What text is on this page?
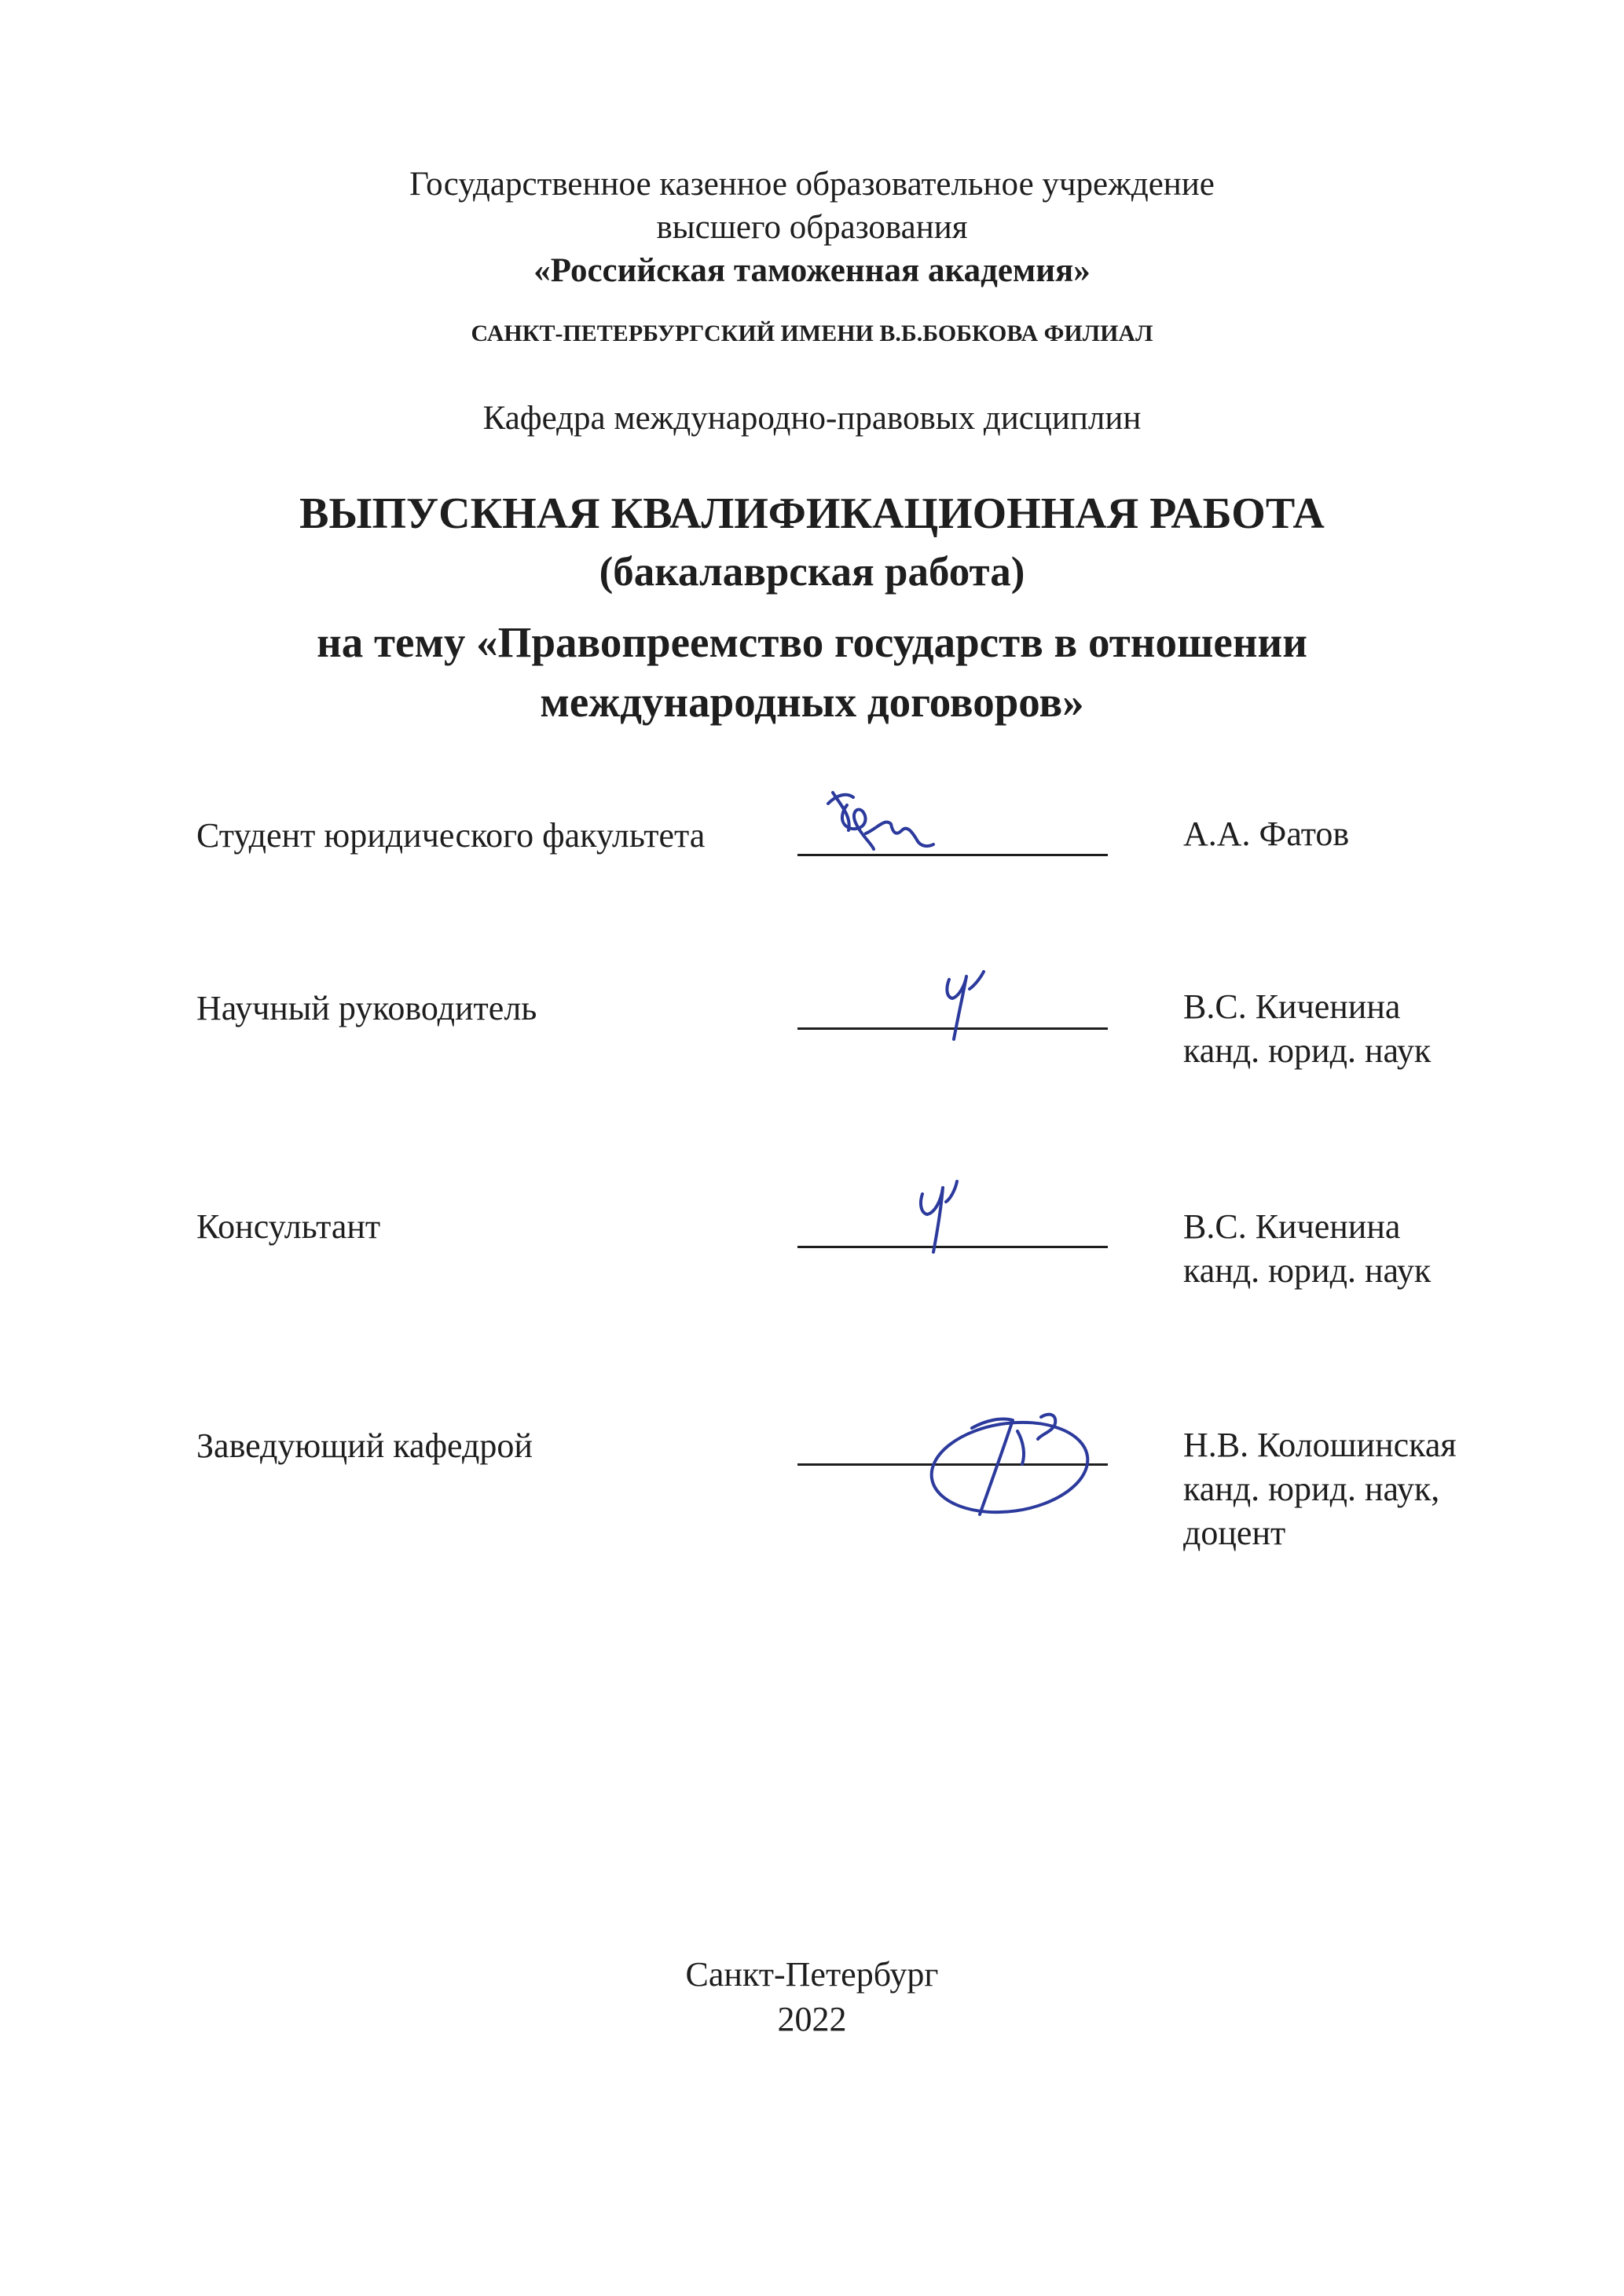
Государственное казенное образовательное учреждение
высшего образования
«Российская таможенная академия»
САНКТ-ПЕТЕРБУРГСКИЙ ИМЕНИ В.Б.БОБКОВА ФИЛИАЛ
Кафедра международно-правовых дисциплин
ВЫПУСКНАЯ КВАЛИФИКАЦИОННАЯ РАБОТА
(бакалаврская работа)
на тему «Правопреемство государств в отношении
международных договоров»
Студент юридического факультета	А.А. Фатов
Научный руководитель	В.С. Киченина
канд. юрид. наук
Консультант	В.С. Киченина
канд. юрид. наук
Заведующий кафедрой	Н.В. Колошинская
канд. юрид. наук,
доцент
Санкт-Петербург
2022
